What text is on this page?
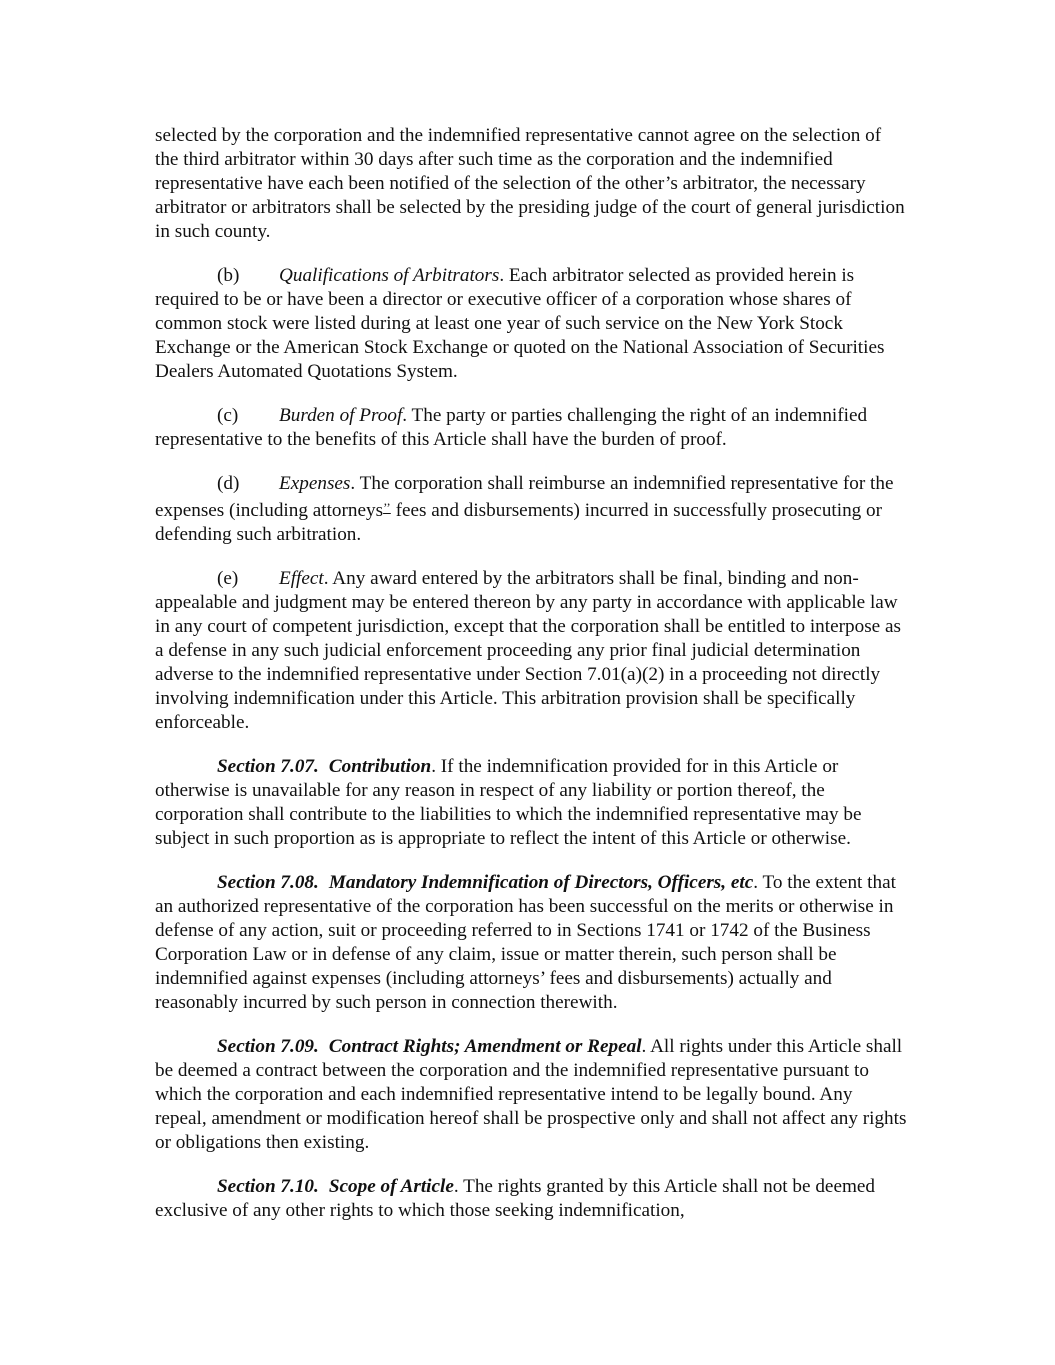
selected by the corporation and the indemnified representative cannot agree on the selection of the third arbitrator within 30 days after such time as the corporation and the indemnified representative have each been notified of the selection of the other’s arbitrator, the necessary arbitrator or arbitrators shall be selected by the presiding judge of the court of general jurisdiction in such county.

(b) Qualifications of Arbitrators. Each arbitrator selected as provided herein is required to be or have been a director or executive officer of a corporation whose shares of common stock were listed during at least one year of such service on the New York Stock Exchange or the American Stock Exchange or quoted on the National Association of Securities Dealers Automated Quotations System.

(c) Burden of Proof. The party or parties challenging the right of an indemnified representative to the benefits of this Article shall have the burden of proof.

(d) Expenses. The corporation shall reimburse an indemnified representative for the expenses (including attorneys’’ fees and disbursements) incurred in successfully prosecuting or defending such arbitration.

(e) Effect. Any award entered by the arbitrators shall be final, binding and non-appealable and judgment may be entered thereon by any party in accordance with applicable law in any court of competent jurisdiction, except that the corporation shall be entitled to interpose as a defense in any such judicial enforcement proceeding any prior final judicial determination adverse to the indemnified representative under Section 7.01(a)(2) in a proceeding not directly involving indemnification under this Article. This arbitration provision shall be specifically enforceable.

Section 7.07. Contribution. If the indemnification provided for in this Article or otherwise is unavailable for any reason in respect of any liability or portion thereof, the corporation shall contribute to the liabilities to which the indemnified representative may be subject in such proportion as is appropriate to reflect the intent of this Article or otherwise.

Section 7.08. Mandatory Indemnification of Directors, Officers, etc. To the extent that an authorized representative of the corporation has been successful on the merits or otherwise in defense of any action, suit or proceeding referred to in Sections 1741 or 1742 of the Business Corporation Law or in defense of any claim, issue or matter therein, such person shall be indemnified against expenses (including attorneys’ fees and disbursements) actually and reasonably incurred by such person in connection therewith.

Section 7.09. Contract Rights; Amendment or Repeal. All rights under this Article shall be deemed a contract between the corporation and the indemnified representative pursuant to which the corporation and each indemnified representative intend to be legally bound. Any repeal, amendment or modification hereof shall be prospective only and shall not affect any rights or obligations then existing.

Section 7.10. Scope of Article. The rights granted by this Article shall not be deemed exclusive of any other rights to which those seeking indemnification,
